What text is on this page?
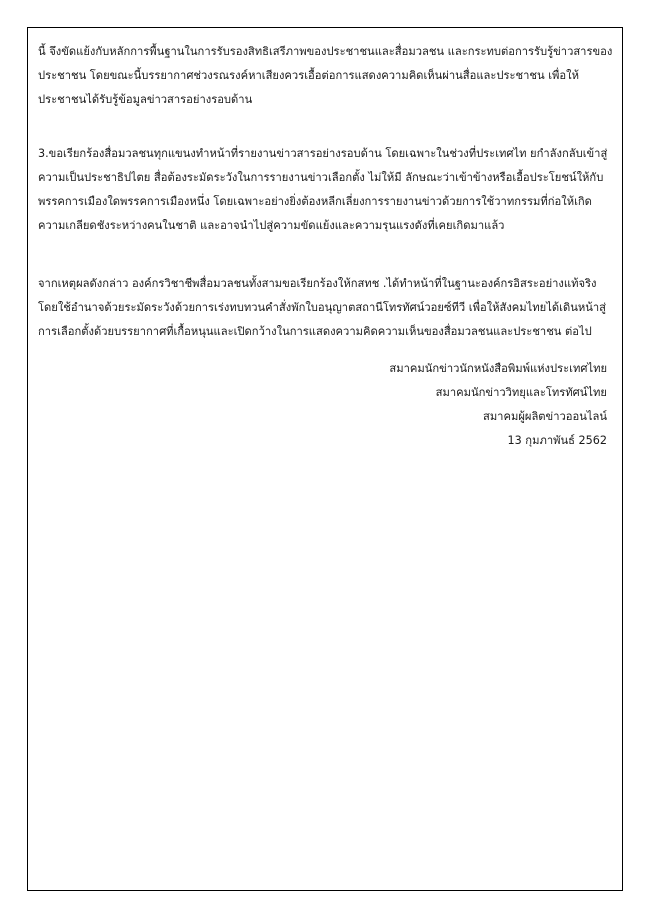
นี้ จึงขัดแย้งกับหลักการพื้นฐานในการรับรองสิทธิเสรีภาพของประชาชนและสื่อมวลชน และกระทบต่อการรับรู้ข่าวสารของ
ประชาชน โดยขณะนี้บรรยากาศช่วงรณรงค์หาเสียงควรเอื้อต่อการแสดงความคิดเห็นผ่านสื่อและประชาชน เพื่อให้
ประชาชนได้รับรู้ข้อมูลข่าวสารอย่างรอบด้าน

3.ขอเรียกร้องสื่อมวลชนทุกแขนงทำหน้าที่รายงานข่าวสารอย่างรอบด้าน โดยเฉพาะในช่วงที่ประเทศไท ยกำลังกลับเข้าสู่
ความเป็นประชาธิปไตย สื่อต้องระมัดระวังในการรายงานข่าวเลือกตั้ง ไม่ให้มี ลักษณะว่าเข้าข้างหรือเอื้อประโยชน์ให้กับ
พรรคการเมืองใดพรรคการเมืองหนึ่ง โดยเฉพาะอย่างยิ่งต้องหลีกเลี่ยงการรายงานข่าวด้วยการใช้วาทกรรมที่ก่อให้เกิด
ความเกลียดชังระหว่างคนในชาติ และอาจนำไปสู่ความขัดแย้งและความรุนแรงดังที่เคยเกิดมาแล้ว

จากเหตุผลดังกล่าว องค์กรวิชาชีพสื่อมวลชนทั้งสามขอเรียกร้องให้กสทช .ได้ทำหน้าที่ในฐานะองค์กรอิสระอย่างแท้จริง
โดยใช้อำนาจด้วยระมัดระวังด้วยการเร่งทบทวนคำสั่งพักใบอนุญาตสถานีโทรทัศน์วอยซ์ทีวี เพื่อให้สังคมไทยได้เดินหน้าสู่
การเลือกตั้งด้วยบรรยากาศที่เกื้อหนุนและเปิดกว้างในการแสดงความคิดความเห็นของสื่อมวลชนและประชาชน ต่อไป

สมาคมนักข่าวนักหนังสือพิมพ์แห่งประเทศไทย
สมาคมนักข่าววิทยุและโทรทัศน์ไทย
สมาคมผู้ผลิตข่าวออนไลน์
13 กุมภาพันธ์ 2562
